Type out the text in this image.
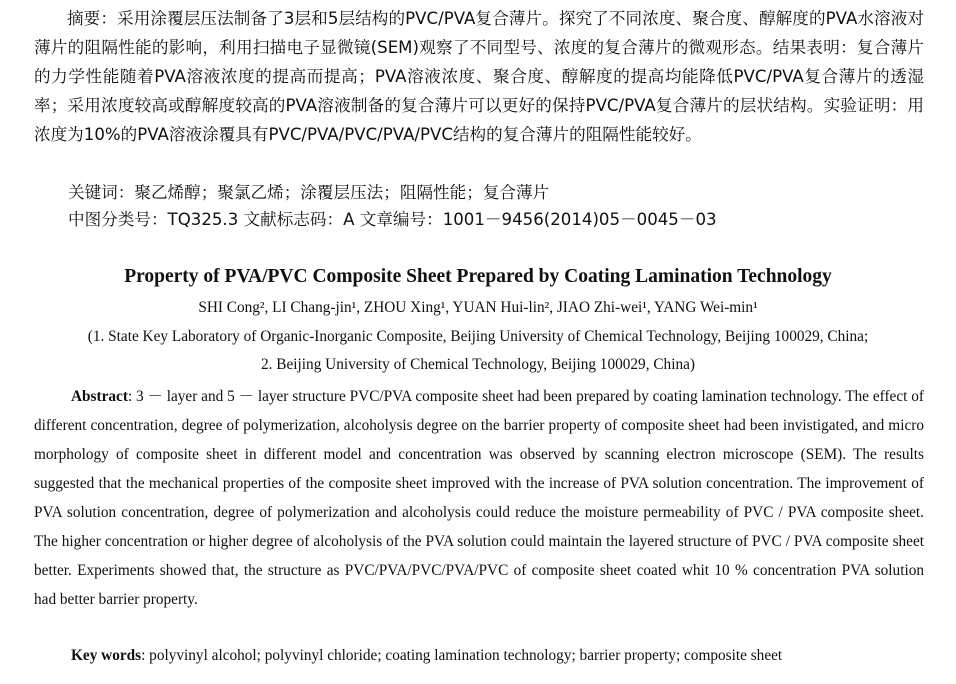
摘要：采用涂覆层压法制备了3层和5层结构的PVC/PVA复合薄片。探究了不同浓度、聚合度、醇解度的PVA水溶液对薄片的阻隔性能的影响，利用扫描电子显微镜(SEM)观察了不同型号、浓度的复合薄片的微观形态。结果表明：复合薄片的力学性能随着PVA溶液浓度的提高而提高；PVA溶液浓度、聚合度、醇解度的提高均能降低PVC/PVA复合薄片的透湿率；采用浓度较高或醇解度较高的PVA溶液制备的复合薄片可以更好的保持PVC/PVA复合薄片的层状结构。实验证明：用浓度为10%的PVA溶液涂覆具有PVC/PVA/PVC/PVA/PVC结构的复合薄片的阻隔性能较好。

关键词：聚乙烯醇；聚氯乙烯；涂覆层压法；阻隔性能；复合薄片

中图分类号：TQ325.3 文献标志码：A 文章编号：1001－9456(2014)05－0045－03

Property of PVA/PVC Composite Sheet Prepared by Coating Lamination Technology

SHI Cong², LI Chang-jin¹, ZHOU Xing¹, YUAN Hui-lin², JIAO Zhi-wei¹, YANG Wei-min¹

(1. State Key Laboratory of Organic-Inorganic Composite, Beijing University of Chemical Technology, Beijing 100029, China;

2. Beijing University of Chemical Technology, Beijing 100029, China)

Abstract: 3 － layer and 5 － layer structure PVC/PVA composite sheet had been prepared by coating lamination technology. The effect of different concentration, degree of polymerization, alcoholysis degree on the barrier property of composite sheet had been invistigated, and micro morphology of composite sheet in different model and concentration was observed by scanning electron microscope (SEM). The results suggested that the mechanical properties of the composite sheet improved with the increase of PVA solution concentration. The improvement of PVA solution concentration, degree of polymerization and alcoholysis could reduce the moisture permeability of PVC / PVA composite sheet. The higher concentration or higher degree of alcoholysis of the PVA solution could maintain the layered structure of PVC / PVA composite sheet better. Experiments showed that, the structure as PVC/PVA/PVC/PVA/PVC of composite sheet coated whit 10 % concentration PVA solution had better barrier property.

Key words: polyvinyl alcohol; polyvinyl chloride; coating lamination technology; barrier property; composite sheet
